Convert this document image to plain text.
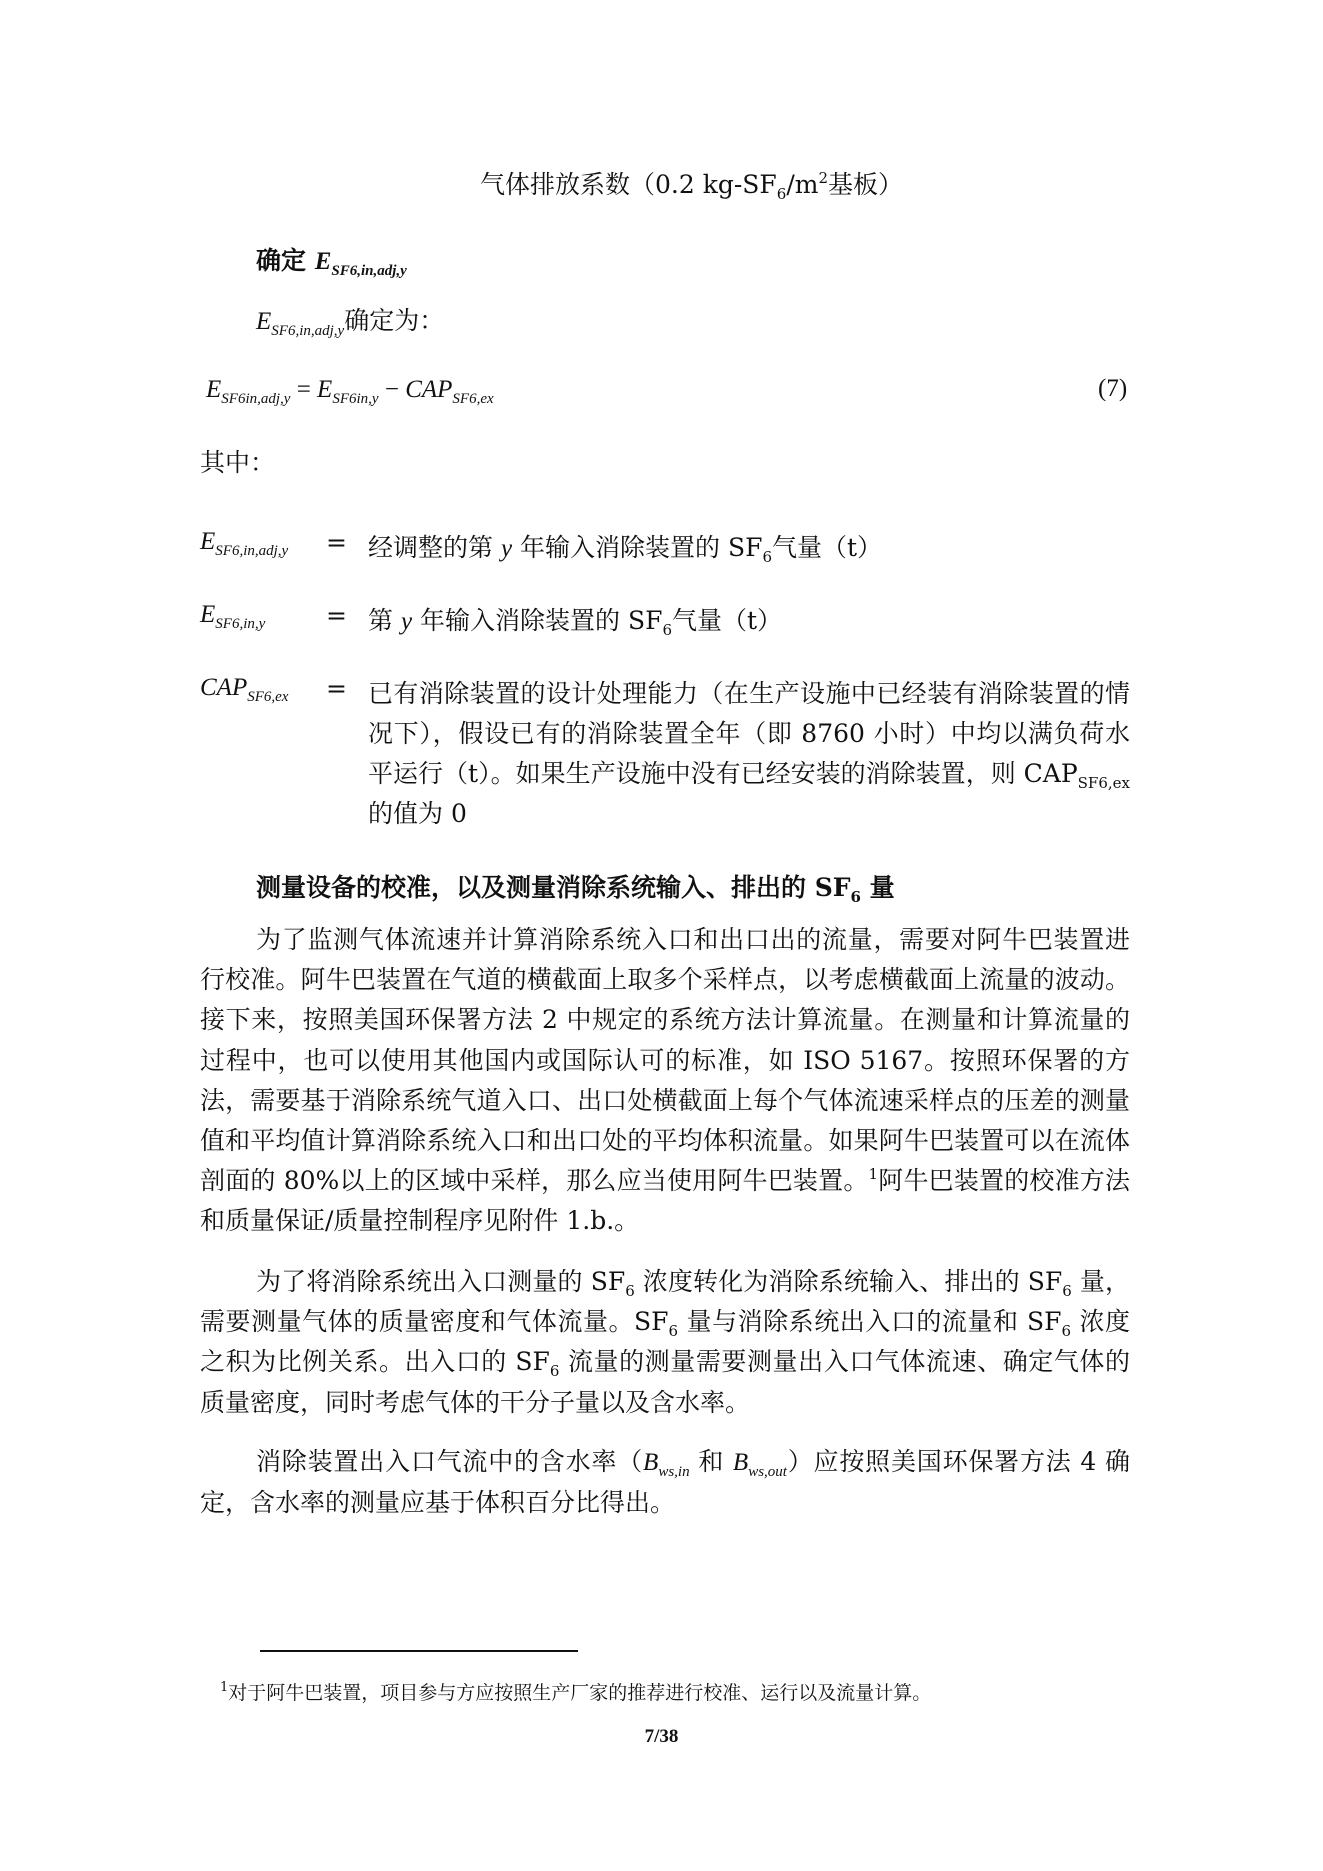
气体排放系数（0.2 $kg-SF_6/m^2$基板）
确定 $E_{SF6,in,adj,y}$
$E_{SF6,in,adj,y}$确定为：
$E_{SF6in,adj,y} = E_{SF6in,y} - CAP_{SF6,ex}$	(7)
其中：
$E_{SF6,in,adj,y}$ = 经调整的第 y 年输入消除装置的 $SF_6$气量（t）
$E_{SF6,in,y}$ = 第 y 年输入消除装置的 $SF_6$气量（t）
$CAP_{SF6,ex}$ = 已有消除装置的设计处理能力（在生产设施中已经装有消除装置的情况下），假设已有的消除装置全年（即 8760 小时）中均以满负荷水平运行（t）。如果生产设施中没有已经安装的消除装置，则 $CAP_{SF6,ex}$ 的值为 0
测量设备的校准，以及测量消除系统输入、排出的 $SF_6$ 量

为了监测气体流速并计算消除系统入口和出口出的流量，需要对阿牛巴装置进行校准。阿牛巴装置在气道的横截面上取多个采样点，以考虑横截面上流量的波动。接下来，按照美国环保署方法 2 中规定的系统方法计算流量。在测量和计算流量的过程中，也可以使用其他国内或国际认可的标准，如 ISO 5167。按照环保署的方法，需要基于消除系统气道入口、出口处横截面上每个气体流速采样点的压差的测量值和平均值计算消除系统入口和出口处的平均体积流量。如果阿牛巴装置可以在流体剖面的 80%以上的区域中采样，那么应当使用阿牛巴装置。$^1$阿牛巴装置的校准方法和质量保证/质量控制程序见附件 1.b.。

为了将消除系统出入口测量的 $SF_6$ 浓度转化为消除系统输入、排出的 $SF_6$ 量，需要测量气体的质量密度和气体流量。$SF_6$ 量与消除系统出入口的流量和 $SF_6$ 浓度之积为比例关系。出入口的 $SF_6$ 流量的测量需要测量出入口气体流速、确定气体的质量密度，同时考虑气体的干分子量以及含水率。

消除装置出入口气流中的含水率（$B_{ws,in}$ 和 $B_{ws,out}$）应按照美国环保署方法 4 确定，含水率的测量应基于体积百分比得出。

$^1$对于阿牛巴装置，项目参与方应按照生产厂家的推荐进行校准、运行以及流量计算。
7/38
